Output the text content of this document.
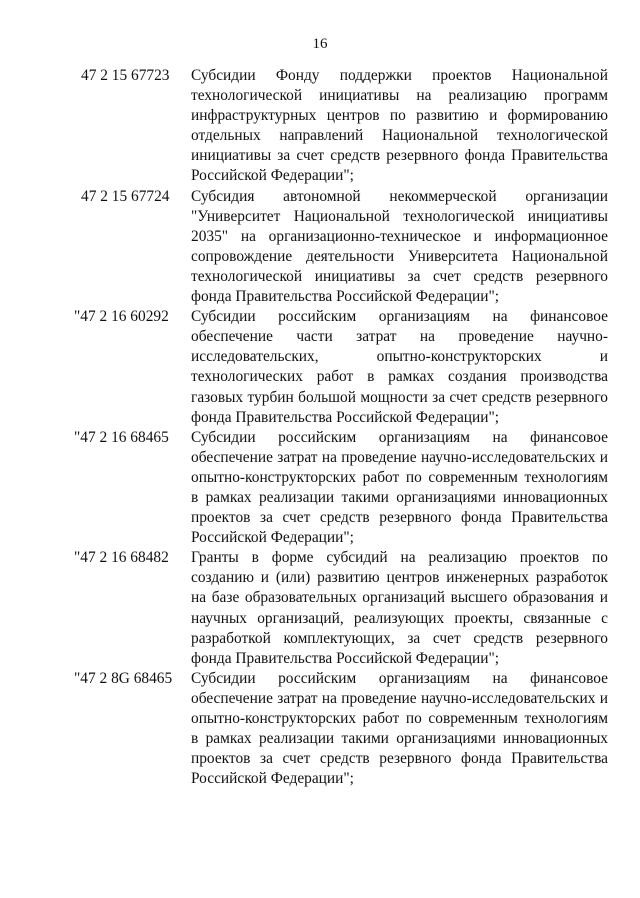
16
47 2 15 67723	Субсидии Фонду поддержки проектов Национальной технологической инициативы на реализацию программ инфраструктурных центров по развитию и формированию отдельных направлений Национальной технологической инициативы за счет средств резервного фонда Правительства Российской Федерации";
47 2 15 67724	Субсидия автономной некоммерческой организации "Университет Национальной технологической инициативы 2035" на организационно-техническое и информационное сопровождение деятельности Университета Национальной технологической инициативы за счет средств резервного фонда Правительства Российской Федерации";
"47 2 16 60292	Субсидии российским организациям на финансовое обеспечение части затрат на проведение научно-исследовательских, опытно-конструкторских и технологических работ в рамках создания производства газовых турбин большой мощности за счет средств резервного фонда Правительства Российской Федерации";
"47 2 16 68465	Субсидии российским организациям на финансовое обеспечение затрат на проведение научно-исследовательских и опытно-конструкторских работ по современным технологиям в рамках реализации такими организациями инновационных проектов за счет средств резервного фонда Правительства Российской Федерации";
"47 2 16 68482	Гранты в форме субсидий на реализацию проектов по созданию и (или) развитию центров инженерных разработок на базе образовательных организаций высшего образования и научных организаций, реализующих проекты, связанные с разработкой комплектующих, за счет средств резервного фонда Правительства Российской Федерации";
"47 2 8G 68465	Субсидии российским организациям на финансовое обеспечение затрат на проведение научно-исследовательских и опытно-конструкторских работ по современным технологиям в рамках реализации такими организациями инновационных проектов за счет средств резервного фонда Правительства Российской Федерации";
